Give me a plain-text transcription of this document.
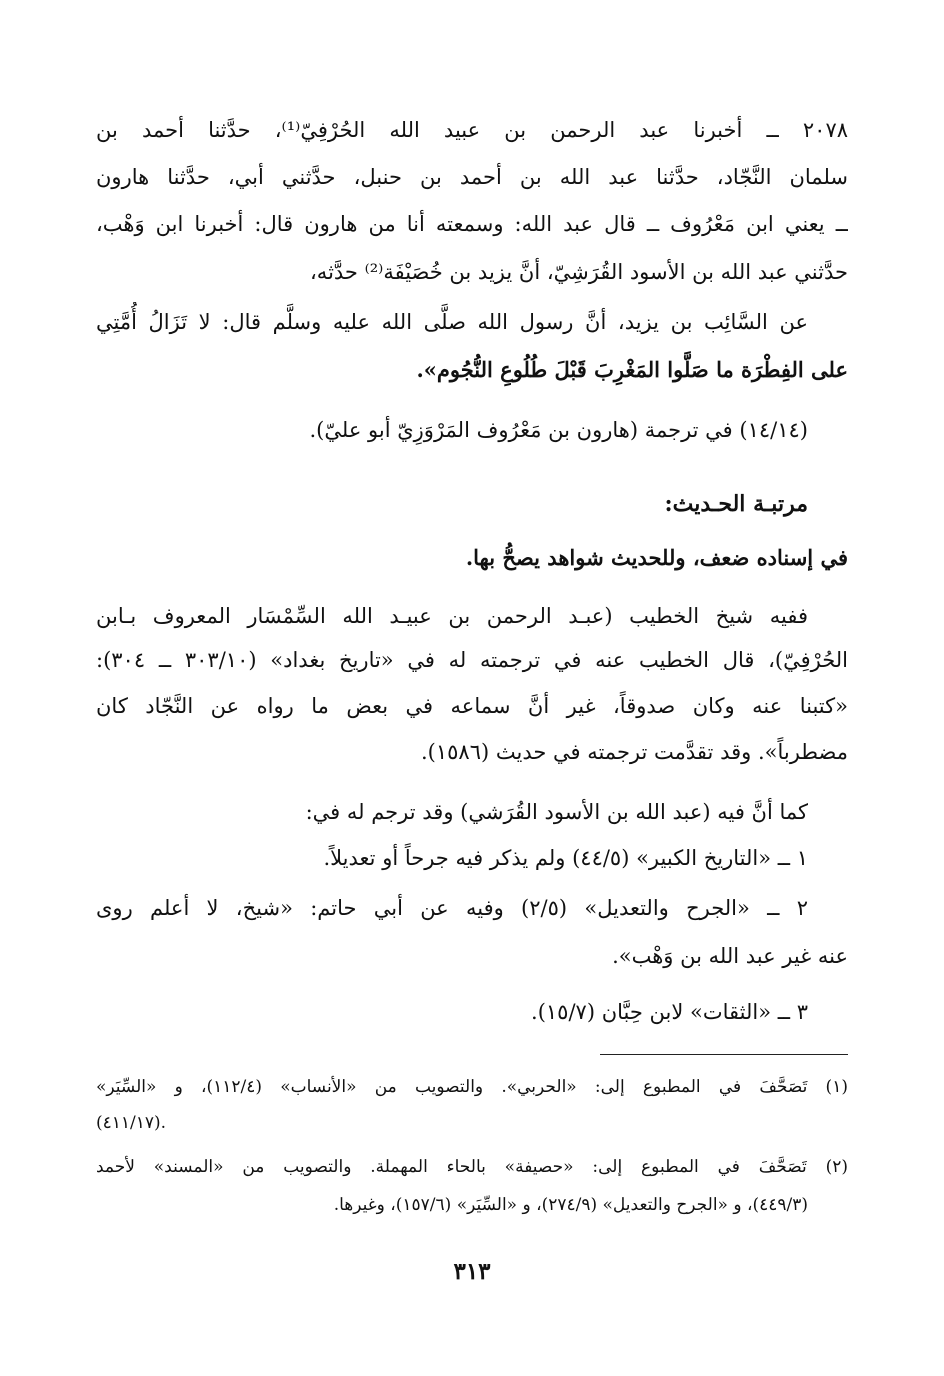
٢٠٧٨ ــ أخبرنا عبد الرحمن بن عبيد الله الحُرْفِيّ⁽¹⁾، حدَّثنا أحمد بن

سلمان النَّجّاد، حدَّثنا عبد الله بن أحمد بن حنبل، حدَّثني أبي، حدَّثنا هارون

ــ يعني ابن مَعْرُوف ــ قال عبد الله: وسمعته أنا من هارون قال: أخبرنا ابن وَهْب،

حدَّثني عبد الله بن الأسود القُرَشِيّ، أنَّ يزيد بن خُصَيْفَة⁽²⁾ حدَّثه،

عن السَّائِب بن يزيد، أنَّ رسول الله صلَّى الله عليه وسلَّم قال: لا تَزَالُ أُمَّتِي

على الفِطْرَة ما صَلَّوا المَغْرِبَ قَبْلَ طُلُوعِ النُّجُوم».

(١٤/١٤) في ترجمة (هارون بن مَعْرُوف المَرْوَزِيّ أبو عليّ).

مرتبـة الحـديث:

في إسناده ضعف، وللحديث شواهد يصحُّ بها.

ففيه شيخ الخطيب (عبـد الرحمن بن عبيـد الله السِّمْسَار المعروف بـابن

الحُرْفِيّ)، قال الخطيب عنه في ترجمته له في «تاريخ بغداد» (٣٠٣/١٠ ــ ٣٠٤):

«كتبنا عنه وكان صدوقاً، غير أنَّ سماعه في بعض ما رواه عن النَّجّاد كان

مضطرباً». وقد تقدَّمت ترجمته في حديث (١٥٨٦).

كما أنَّ فيه (عبد الله بن الأسود القُرَشي) وقد ترجم له في:

١ ــ «التاريخ الكبير» (٤٤/٥) ولم يذكر فيه جرحاً أو تعديلاً.

٢ ــ «الجرح والتعديل» (٢/٥) وفيه عن أبي حاتم: «شيخ، لا أعلم روى

عنه غير عبد الله بن وَهْب».

٣ ــ «الثقات» لابن حِبَّان (١٥/٧).

(١) تَصَحَّفَ في المطبوع إلى: «الحربي». والتصويب من «الأنساب» (١١٢/٤)، و «السِّيَر»

(٤١١/١٧).

(٢) تَصَحَّفَ في المطبوع إلى: «حصيفة» بالحاء المهملة. والتصويب من «المسند» لأحمد

(٤٤٩/٣)، و «الجرح والتعديل» (٢٧٤/٩)، و «السِّيَر» (١٥٧/٦)، وغيرها.

٣١٣
